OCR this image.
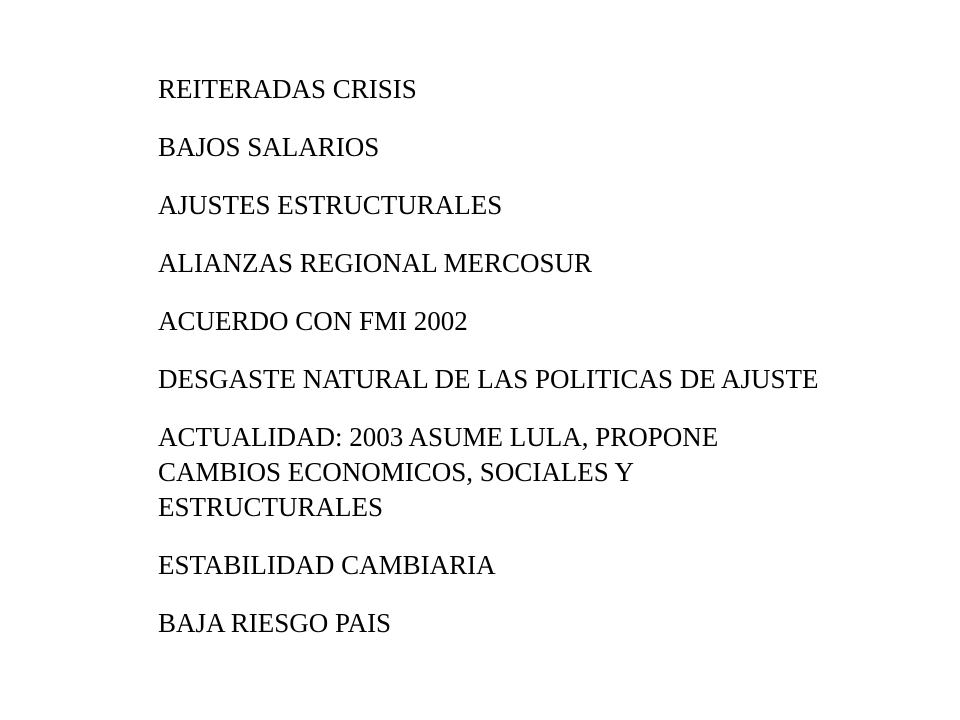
REITERADAS CRISIS
BAJOS SALARIOS
AJUSTES ESTRUCTURALES
ALIANZAS REGIONAL MERCOSUR
ACUERDO CON FMI 2002
DESGASTE NATURAL DE LAS POLITICAS DE AJUSTE
ACTUALIDAD: 2003 ASUME LULA, PROPONE CAMBIOS ECONOMICOS, SOCIALES Y ESTRUCTURALES
ESTABILIDAD CAMBIARIA
BAJA RIESGO PAIS
